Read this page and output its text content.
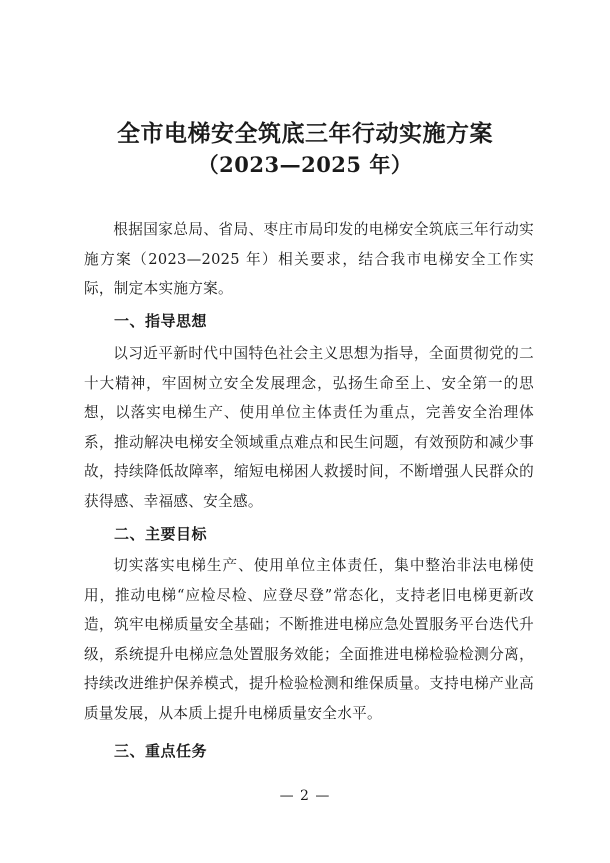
全市电梯安全筑底三年行动实施方案
（2023—2025 年）
根据国家总局、省局、枣庄市局印发的电梯安全筑底三年行动实施方案（2023—2025 年）相关要求，结合我市电梯安全工作实际，制定本实施方案。
一、指导思想
以习近平新时代中国特色社会主义思想为指导，全面贯彻党的二十大精神，牢固树立安全发展理念，弘扬生命至上、安全第一的思想，以落实电梯生产、使用单位主体责任为重点，完善安全治理体系，推动解决电梯安全领域重点难点和民生问题，有效预防和减少事故，持续降低故障率，缩短电梯困人救援时间，不断增强人民群众的获得感、幸福感、安全感。
二、主要目标
切实落实电梯生产、使用单位主体责任，集中整治非法电梯使用，推动电梯“应检尽检、应登尽登”常态化，支持老旧电梯更新改造，筑牢电梯质量安全基础；不断推进电梯应急处置服务平台迭代升级，系统提升电梯应急处置服务效能；全面推进电梯检验检测分离，持续改进维护保养模式，提升检验检测和维保质量。支持电梯产业高质量发展，从本质上提升电梯质量安全水平。
三、重点任务
— 2 —
